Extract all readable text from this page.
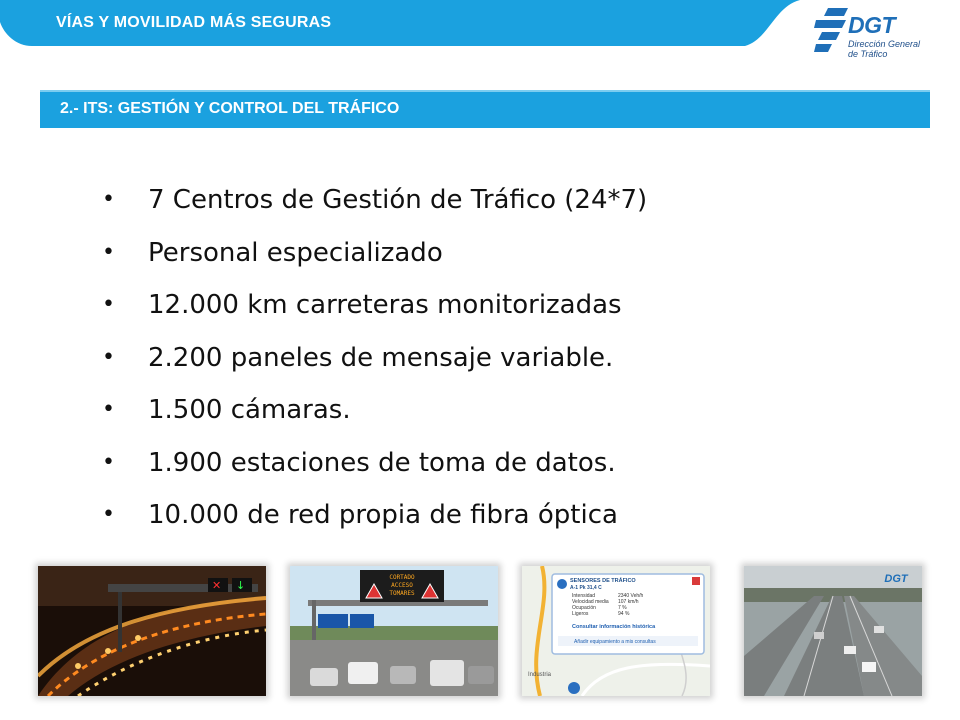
VÍAS Y MOVILIDAD MÁS SEGURAS	DGT
Dirección General
de Tráfico
2.- ITS: GESTIÓN Y CONTROL DEL TRÁFICO
• 7 Centros de Gestión de Tráfico (24*7)
• Personal especializado
• 12.000 km carreteras monitorizadas
• 2.200 paneles de mensaje variable.
• 1.500 cámaras.
• 1.900 estaciones de toma de datos.
• 10.000 de red propia de fibra óptica
✕ ↓
CORTADO
ACCESO
TOMARES
Industria
SENSORES DE TRÁFICO
A-1 Pk 31,4 C
Intensidad	2340 Veh/h
Velocidad media 107 km/h
Ocupación	7 %
Ligeros	94 %
Consultar información histórica
Añadir equipamiento a mis consultas
DGT
